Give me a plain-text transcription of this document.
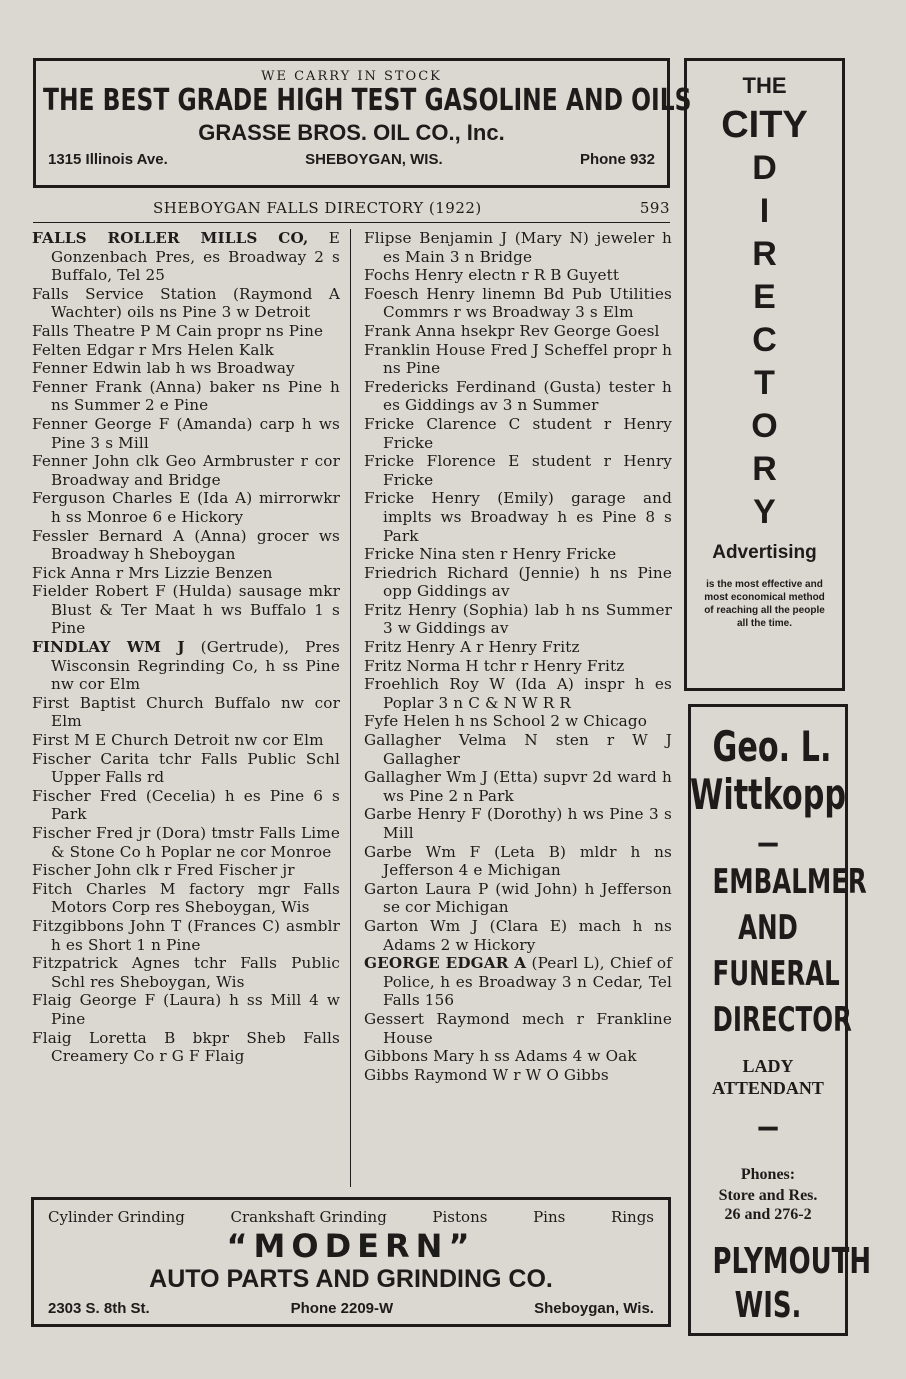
WE CARRY IN STOCK
THE BEST GRADE HIGH TEST GASOLINE AND OILS
GRASSE BROS. OIL CO., Inc.
1315 Illinois Ave.	SHEBOYGAN, WIS.	Phone 932
SHEBOYGAN FALLS DIRECTORY (1922)	593
FALLS ROLLER MILLS CO, E Gonzenbach Pres, es Broadway 2 s Buffalo, Tel 25
Falls Service Station (Raymond A Wachter) oils ns Pine 3 w Detroit
Falls Theatre P M Cain propr ns Pine
Felten Edgar r Mrs Helen Kalk
Fenner Edwin lab h ws Broadway
Fenner Frank (Anna) baker ns Pine h ns Summer 2 e Pine
Fenner George F (Amanda) carp h ws Pine 3 s Mill
Fenner John clk Geo Armbruster r cor Broadway and Bridge
Ferguson Charles E (Ida A) mirrorwkr h ss Monroe 6 e Hickory
Fessler Bernard A (Anna) grocer ws Broadway h Sheboygan
Fick Anna r Mrs Lizzie Benzen
Fielder Robert F (Hulda) sausage mkr Blust & Ter Maat h ws Buffalo 1 s Pine
FINDLAY WM J (Gertrude), Pres Wisconsin Regrinding Co, h ss Pine nw cor Elm
First Baptist Church Buffalo nw cor Elm
First M E Church Detroit nw cor Elm
Fischer Carita tchr Falls Public Schl Upper Falls rd
Fischer Fred (Cecelia) h es Pine 6 s Park
Fischer Fred jr (Dora) tmstr Falls Lime & Stone Co h Poplar ne cor Monroe
Fischer John clk r Fred Fischer jr
Fitch Charles M factory mgr Falls Motors Corp res Sheboygan, Wis
Fitzgibbons John T (Frances C) asmblr h es Short 1 n Pine
Fitzpatrick Agnes tchr Falls Public Schl res Sheboygan, Wis
Flaig George F (Laura) h ss Mill 4 w Pine
Flaig Loretta B bkpr Sheb Falls Creamery Co r G F Flaig
Flipse Benjamin J (Mary N) jeweler h es Main 3 n Bridge
Fochs Henry electn r R B Guyett
Foesch Henry linemn Bd Pub Utilities Commrs r ws Broadway 3 s Elm
Frank Anna hsekpr Rev George Goesl
Franklin House Fred J Scheffel propr h ns Pine
Fredericks Ferdinand (Gusta) tester h es Giddings av 3 n Summer
Fricke Clarence C student r Henry Fricke
Fricke Florence E student r Henry Fricke
Fricke Henry (Emily) garage and implts ws Broadway h es Pine 8 s Park
Fricke Nina sten r Henry Fricke
Friedrich Richard (Jennie) h ns Pine opp Giddings av
Fritz Henry (Sophia) lab h ns Summer 3 w Giddings av
Fritz Henry A r Henry Fritz
Fritz Norma H tchr r Henry Fritz
Froehlich Roy W (Ida A) inspr h es Poplar 3 n C & N W R R
Fyfe Helen h ns School 2 w Chicago
Gallagher Velma N sten r W J Gallagher
Gallagher Wm J (Etta) supvr 2d ward h ws Pine 2 n Park
Garbe Henry F (Dorothy) h ws Pine 3 s Mill
Garbe Wm F (Leta B) mldr h ns Jefferson 4 e Michigan
Garton Laura P (wid John) h Jefferson se cor Michigan
Garton Wm J (Clara E) mach h ns Adams 2 w Hickory
GEORGE EDGAR A (Pearl L), Chief of Police, h es Broadway 3 n Cedar, Tel Falls 156
Gessert Raymond mech r Frankline House
Gibbons Mary h ss Adams 4 w Oak
Gibbs Raymond W r W O Gibbs
THE
CITY
D
I
R
E
C
T
O
R
Y
Advertising
is the most effective and most economical method of reaching all the people all the time.
Geo. L.
Wittkopp
—
EMBALMER
AND
FUNERAL
DIRECTOR
LADY
ATTENDANT
—
Phones:
Store and Res.
26 and 276-2
PLYMOUTH
WIS.
Cylinder Grinding	Crankshaft Grinding	Pistons	Pins	Rings
“MODERN”
AUTO PARTS AND GRINDING CO.
2303 S. 8th St.	Phone 2209-W	Sheboygan, Wis.
